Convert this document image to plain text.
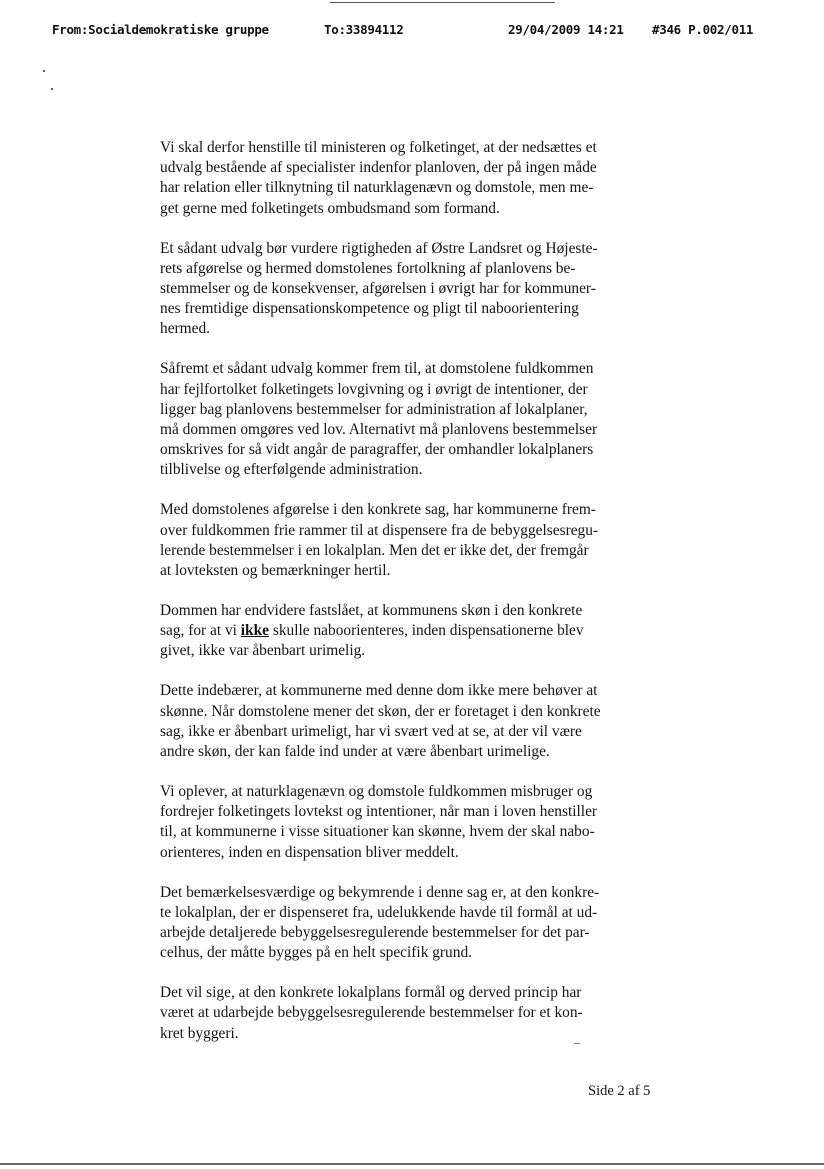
From:Socialdemokratiske gruppe	To:33894112	29/04/2009 14:21 #346 P.002/011

Vi skal derfor henstille til ministeren og folketinget, at der nedsættes et
udvalg bestående af specialister indenfor planloven, der på ingen måde
har relation eller tilknytning til naturklagenævn og domstole, men me-
get gerne med folketingets ombudsmand som formand.

Et sådant udvalg bør vurdere rigtigheden af Østre Landsret og Højeste-
rets afgørelse og hermed domstolenes fortolkning af planlovens be-
stemmelser og de konsekvenser, afgørelsen i øvrigt har for kommuner-
nes fremtidige dispensationskompetence og pligt til naboorientering
hermed.

Såfremt et sådant udvalg kommer frem til, at domstolene fuldkommen
har fejlfortolket folketingets lovgivning og i øvrigt de intentioner, der
ligger bag planlovens bestemmelser for administration af lokalplaner,
må dommen omgøres ved lov. Alternativt må planlovens bestemmelser
omskrives for så vidt angår de paragraffer, der omhandler lokalplaners
tilblivelse og efterfølgende administration.

Med domstolenes afgørelse i den konkrete sag, har kommunerne frem-
over fuldkommen frie rammer til at dispensere fra de bebyggelsesregu-
lerende bestemmelser i en lokalplan. Men det er ikke det, der fremgår
at lovteksten og bemærkninger hertil.

Dommen har endvidere fastslået, at kommunens skøn i den konkrete
sag, for at vi ikke skulle naboorienteres, inden dispensationerne blev
givet, ikke var åbenbart urimelig.

Dette indebærer, at kommunerne med denne dom ikke mere behøver at
skønne. Når domstolene mener det skøn, der er foretaget i den konkrete
sag, ikke er åbenbart urimeligt, har vi svært ved at se, at der vil være
andre skøn, der kan falde ind under at være åbenbart urimelige.

Vi oplever, at naturklagenævn og domstole fuldkommen misbruger og
fordrejer folketingets lovtekst og intentioner, når man i loven henstiller
til, at kommunerne i visse situationer kan skønne, hvem der skal nabo-
orienteres, inden en dispensation bliver meddelt.

Det bemærkelsesværdige og bekymrende i denne sag er, at den konkre-
te lokalplan, der er dispenseret fra, udelukkende havde til formål at ud-
arbejde detaljerede bebyggelsesregulerende bestemmelser for det par-
celhus, der måtte bygges på en helt specifik grund.

Det vil sige, at den konkrete lokalplans formål og derved princip har
været at udarbejde bebyggelsesregulerende bestemmelser for et kon-
kret byggeri.

Side 2 af 5
